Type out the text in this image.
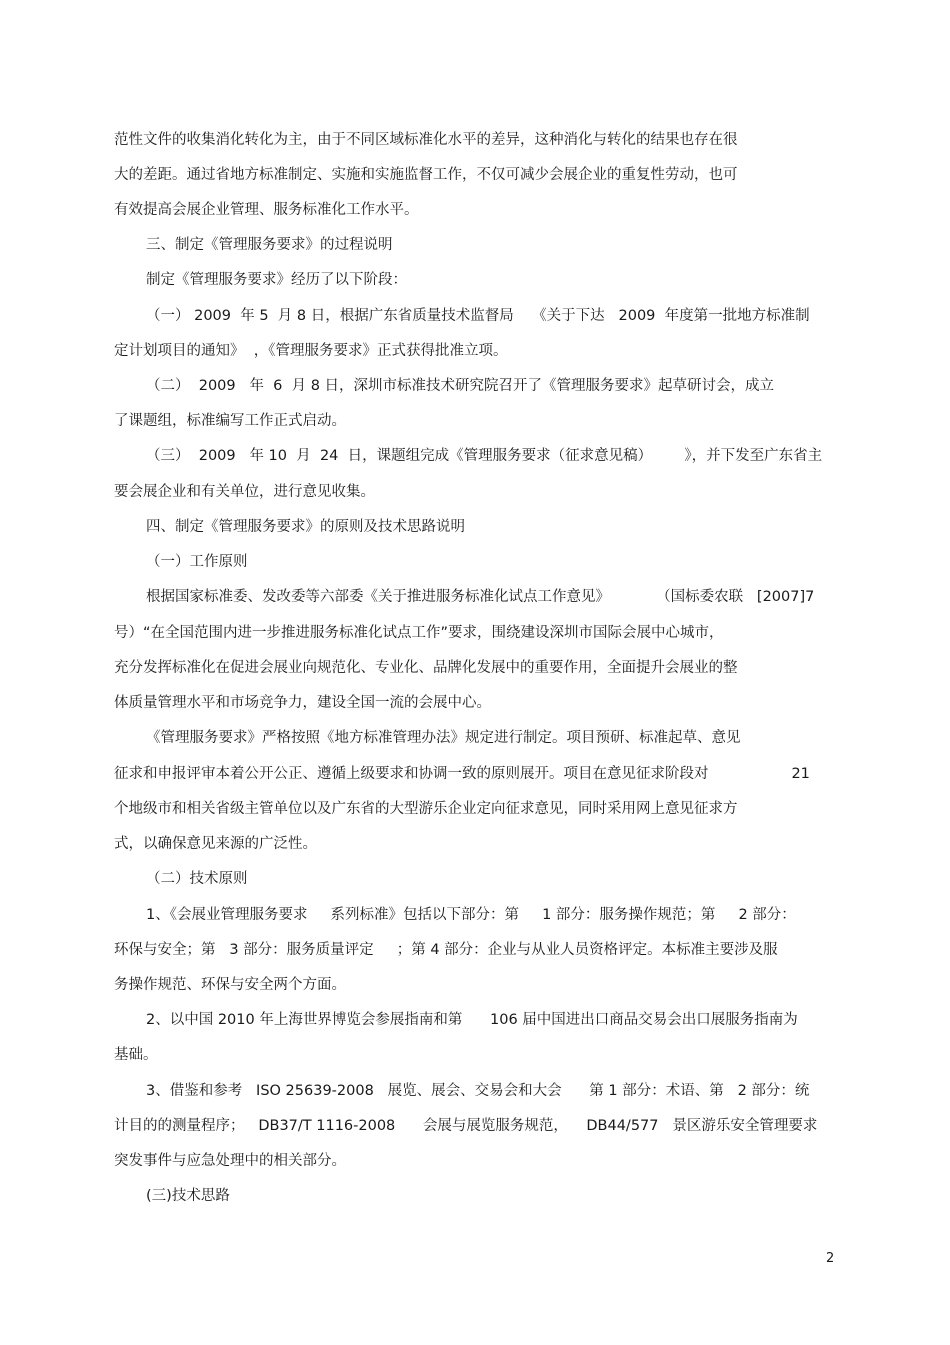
范性文件的收集消化转化为主，由于不同区域标准化水平的差异，这种消化与转化的结果也存在很
大的差距。通过省地方标准制定、实施和实施监督工作，不仅可减少会展企业的重复性劳动，也可
有效提高会展企业管理、服务标准化工作水平。
三、制定《管理服务要求》的过程说明
制定《管理服务要求》经历了以下阶段：
（一） 2009  年 5  月 8 日，根据广东省质量技术监督局    《关于下达   2009  年度第一批地方标准制
定计划项目的通知》  ，《管理服务要求》正式获得批准立项。
（二）  2009   年  6  月 8 日，深圳市标准技术研究院召开了《管理服务要求》起草研讨会，成立
了课题组，标准编写工作正式启动。
（三）  2009   年 10  月  24  日，课题组完成《管理服务要求（征求意见稿）       》，并下发至广东省主
要会展企业和有关单位，进行意见收集。
四、制定《管理服务要求》的原则及技术思路说明
（一）工作原则
根据国家标准委、发改委等六部委《关于推进服务标准化试点工作意见》          （国标委农联   [2007]7
号）“在全国范围内进一步推进服务标准化试点工作”要求，围绕建设深圳市国际会展中心城市，
充分发挥标准化在促进会展业向规范化、专业化、品牌化发展中的重要作用，全面提升会展业的整
体质量管理水平和市场竞争力，建设全国一流的会展中心。
《管理服务要求》严格按照《地方标准管理办法》规定进行制定。项目预研、标准起草、意见
征求和申报评审本着公开公正、遵循上级要求和协调一致的原则展开。项目在意见征求阶段对                  21
个地级市和相关省级主管单位以及广东省的大型游乐企业定向征求意见，同时采用网上意见征求方
式，以确保意见来源的广泛性。
（二）技术原则
1、《会展业管理服务要求     系列标准》包括以下部分：第     1 部分：服务操作规范；第     2 部分：
环保与安全；第   3 部分：服务质量评定     ；第 4 部分：企业与从业人员资格评定。本标准主要涉及服
务操作规范、环保与安全两个方面。
2、以中国 2010 年上海世界博览会参展指南和第      106 届中国进出口商品交易会出口展服务指南为
基础。
3、借鉴和参考   ISO 25639-2008   展览、展会、交易会和大会      第 1 部分：术语、第   2 部分：统
计目的的测量程序；   DB37/T 1116-2008      会展与展览服务规范，    DB44/577   景区游乐安全管理要求
突发事件与应急处理中的相关部分。
(三)技术思路
2
